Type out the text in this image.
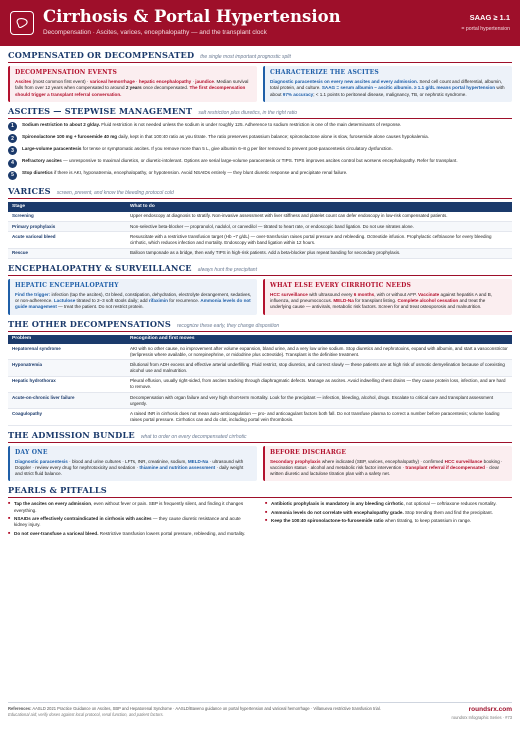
Cirrhosis & Portal Hypertension
Decompensation · Ascites, varices, encephalopathy — and the transplant clock
SAAG ≥ 1.1
= portal hypertension
COMPENSATED OR DECOMPENSATED the single most important prognostic split
DECOMPENSATION EVENTS

Ascites (most common first event) · variceal hemorrhage · hepatic encephalopathy · jaundice. Median survival falls from over 12 years when compensated to around 2 years once decompensated. The first decompensation should trigger a transplant referral conversation.

CHARACTERIZE THE ASCITES

Diagnostic paracentesis on every new ascites and every admission. Send cell count and differential, albumin, total protein, and culture. SAAG = serum albumin − ascitic albumin. ≥ 1.1 g/dL means portal hypertension with about 97% accuracy; < 1.1 points to peritoneal disease, malignancy, TB, or nephrotic syndrome.

ASCITES — STEPWISE MANAGEMENT salt restriction plus diuretics, in the right ratio
1	Sodium restriction to about 2 g/day. Fluid restriction is not needed unless the sodium is under roughly 125. Adherence to sodium restriction is one of the main determinants of response.
2	Spironolactone 100 mg + furosemide 40 mg daily, kept in that 100:40 ratio as you titrate. The ratio preserves potassium balance; spironolactone alone is slow, furosemide alone causes hypokalemia.
3	Large-volume paracentesis for tense or symptomatic ascites. If you remove more than 5 L, give albumin 6–8 g per liter removed to prevent post-paracentesis circulatory dysfunction.
4	Refractory ascites — unresponsive to maximal diuretics, or diuretic-intolerant. Options are serial large-volume paracentesis or TIPS. TIPS improves ascites control but worsens encephalopathy. Refer for transplant.
5	Stop diuretics if there is AKI, hyponatremia, encephalopathy, or hypotension. Avoid NSAIDs entirely — they blunt diuretic response and precipitate renal failure.
VARICES screen, prevent, and know the bleeding protocol cold
Stage	What to do
Screening	Upper endoscopy at diagnosis to stratify. Non-invasive assessment with liver stiffness and platelet count can defer endoscopy in low-risk compensated patients.
Primary prophylaxis	Non-selective beta-blocker — propranolol, nadolol, or carvedilol — titrated to heart rate, or endoscopic band ligation. Do not use nitrates alone.
Acute variceal bleed	Resuscitate with a restrictive transfusion target (Hb ~7 g/dL) — over-transfusion raises portal pressure and rebleeding. Octreotide infusion. Prophylactic ceftriaxone for every bleeding cirrhotic, which reduces infection and mortality. Endoscopy with band ligation within 12 hours.
Rescue	Balloon tamponade as a bridge, then early TIPS in high-risk patients. Add a beta-blocker plus repeat banding for secondary prophylaxis.
ENCEPHALOPATHY & SURVEILLANCE always hunt the precipitant
HEPATIC ENCEPHALOPATHY

Find the trigger: infection (tap the ascites), GI bleed, constipation, dehydration, electrolyte derangement, sedatives, or non-adherence. Lactulose titrated to 2–3 soft stools daily; add rifaximin for recurrence. Ammonia levels do not guide management — treat the patient. Do not restrict protein.

WHAT ELSE EVERY CIRRHOTIC NEEDS

HCC surveillance with ultrasound every 6 months, with or without AFP. Vaccinate against hepatitis A and B, influenza, and pneumococcus. MELD-Na for transplant listing. Complete alcohol cessation and treat the underlying cause — antivirals, metabolic risk factors. Screen for and treat osteoporosis and malnutrition.

THE OTHER DECOMPENSATIONS recognize these early, they change disposition
Problem	Recognition and first moves
Hepatorenal syndrome	AKI with no other cause, no improvement after volume expansion, bland urine, and a very low urine sodium. Stop diuretics and nephrotoxins, expand with albumin, and start a vasoconstrictor (terlipressin where available, or norepinephrine, or midodrine plus octreotide). Transplant is the definitive treatment.
Hyponatremia	Dilutional from ADH excess and effective arterial underfilling. Fluid restrict, stop diuretics, and correct slowly — these patients are at high risk of osmotic demyelination because of coexisting alcohol use and malnutrition.
Hepatic hydrothorax	Pleural effusion, usually right-sided, from ascites tracking through diaphragmatic defects. Manage as ascites. Avoid indwelling chest drains — they cause protein loss, infection, and are hard to remove.
Acute-on-chronic liver failure	Decompensation with organ failure and very high short-term mortality. Look for the precipitant — infection, bleeding, alcohol, drugs. Escalate to critical care and transplant assessment urgently.
Coagulopathy	A raised INR in cirrhosis does not mean auto-anticoagulation — pro- and anticoagulant factors both fall. Do not transfuse plasma to correct a number before paracentesis; volume loading raises portal pressure. Cirrhotics can and do clot, including portal vein thrombosis.
THE ADMISSION BUNDLE what to order on every decompensated cirrhotic
DAY ONE

Diagnostic paracentesis · blood and urine cultures · LFTs, INR, creatinine, sodium, MELD-Na · ultrasound with Doppler · review every drug for nephrotoxicity and sedation · thiamine and nutrition assessment · daily weight and strict fluid balance.

BEFORE DISCHARGE

Secondary prophylaxis where indicated (SBP, varices, encephalopathy) · confirmed HCC surveillance booking · vaccination status · alcohol and metabolic risk factor intervention · transplant referral if decompensated · clear written diuretic and lactulose titration plan with a safety net.

PEARLS & PITFALLS
■ Tap the ascites on every admission, even without fever or pain. SBP is frequently silent, and finding it changes everything.
■ NSAIDs are effectively contraindicated in cirrhosis with ascites — they cause diuretic resistance and acute kidney injury.
■ Do not over-transfuse a variceal bleed. Restrictive transfusion lowers portal pressure, rebleeding, and mortality.
■ Antibiotic prophylaxis is mandatory in any bleeding cirrhotic, not optional — ceftriaxone reduces mortality.
■ Ammonia levels do not correlate with encephalopathy grade. Stop trending them and find the precipitant.
■ Keep the 100:40 spironolactone-to-furosemide ratio when titrating, to keep potassium in range.
References: AASLD 2021 Practice Guidance on Ascites, SBP and Hepatorenal Syndrome · AASLD/Baveno guidance on portal hypertension and variceal hemorrhage · Villanueva restrictive transfusion trial.
Educational aid; verify doses against local protocol, renal function, and patient factors.
roundsrx.com
roundsrx Infographic Series · #73
